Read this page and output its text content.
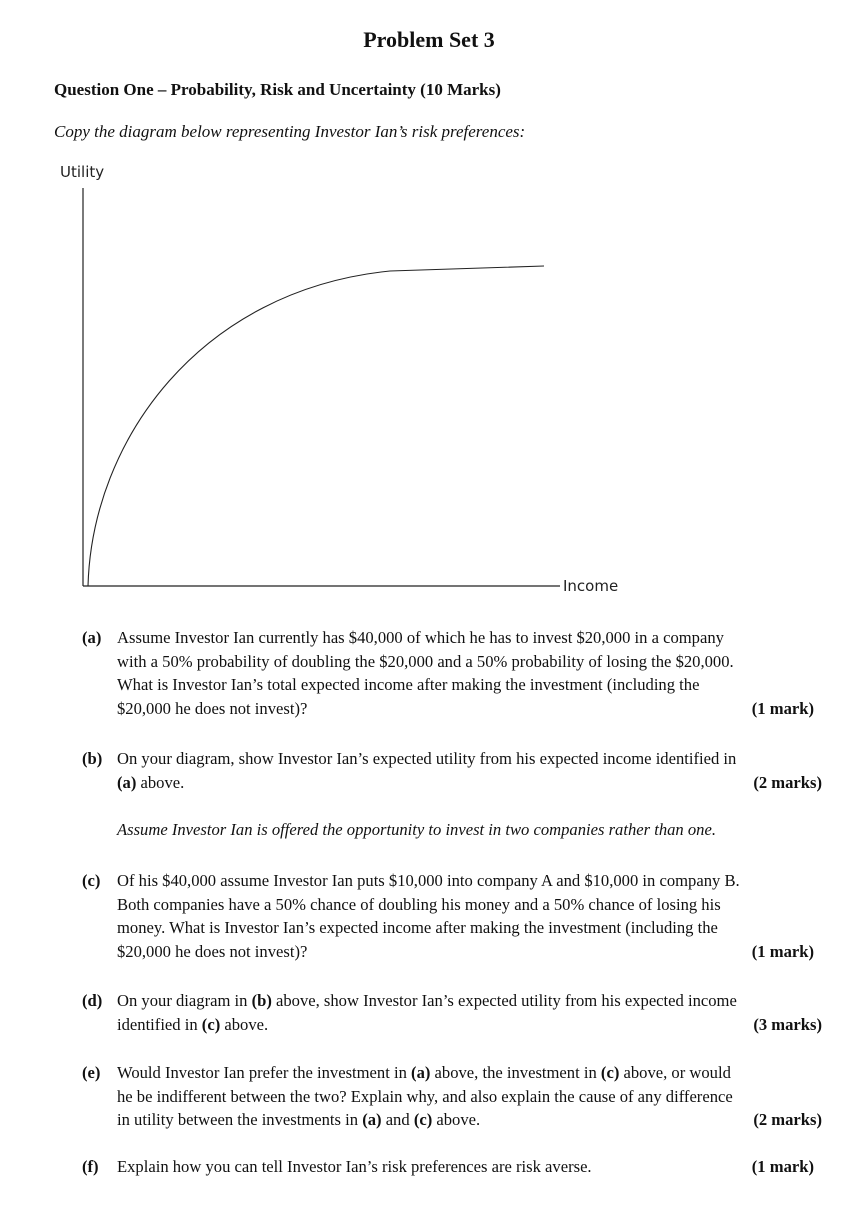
Problem Set 3
Question One – Probability, Risk and Uncertainty (10 Marks)
Copy the diagram below representing Investor Ian’s risk preferences:
Utility
Income
(a) Assume Investor Ian currently has $40,000 of which he has to invest $20,000 in a company
with a 50% probability of doubling the $20,000 and a 50% probability of losing the $20,000.
What is Investor Ian’s total expected income after making the investment (including the
$20,000 he does not invest)?	(1 mark)
(b) On your diagram, show Investor Ian’s expected utility from his expected income identified in
(a) above.	(2 marks)
Assume Investor Ian is offered the opportunity to invest in two companies rather than one.
(c) Of his $40,000 assume Investor Ian puts $10,000 into company A and $10,000 in company B.
Both companies have a 50% chance of doubling his money and a 50% chance of losing his
money. What is Investor Ian’s expected income after making the investment (including the
$20,000 he does not invest)?	(1 mark)
(d) On your diagram in (b) above, show Investor Ian’s expected utility from his expected income
identified in (c) above.	(3 marks)
(e) Would Investor Ian prefer the investment in (a) above, the investment in (c) above, or would
he be indifferent between the two? Explain why, and also explain the cause of any difference
in utility between the investments in (a) and (c) above.	(2 marks)
(f)	Explain how you can tell Investor Ian’s risk preferences are risk averse.	(1 mark)
